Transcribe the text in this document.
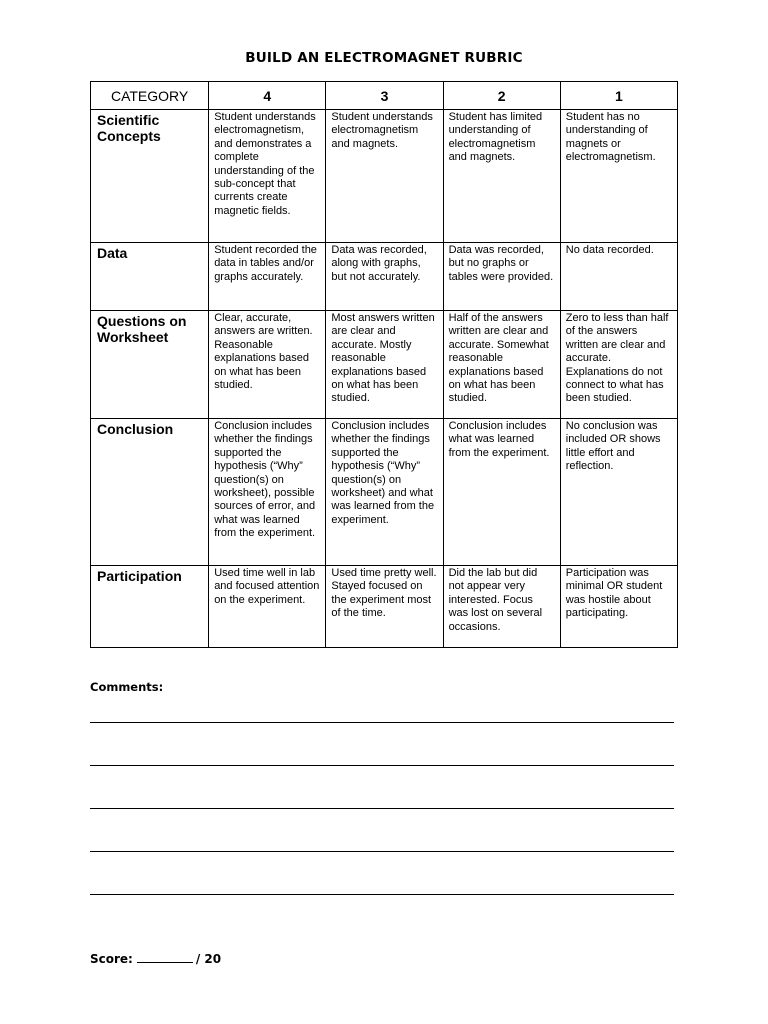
BUILD AN ELECTROMAGNET RUBRIC
CATEGORY	4	3	2	1
Scientific Concepts	Student understands electromagnetism, and demonstrates a complete understanding of the sub-concept that currents create magnetic fields.	Student understands electromagnetism and magnets.	Student has limited understanding of electromagnetism and magnets.	Student has no understanding of magnets or electromagnetism.
Data	Student recorded the data in tables and/or graphs accurately.	Data was recorded, along with graphs, but not accurately.	Data was recorded, but no graphs or tables were provided.	No data recorded.
Questions on Worksheet	Clear, accurate, answers are written. Reasonable explanations based on what has been studied.	Most answers written are clear and accurate. Mostly reasonable explanations based on what has been studied.	Half of the answers written are clear and accurate. Somewhat reasonable explanations based on what has been studied.	Zero to less than half of the answers written are clear and accurate. Explanations do not connect to what has been studied.
Conclusion	Conclusion includes whether the findings supported the hypothesis (“Why” question(s) on worksheet), possible sources of error, and what was learned from the experiment.	Conclusion includes whether the findings supported the hypothesis (“Why” question(s) on worksheet) and what was learned from the experiment.	Conclusion includes what was learned from the experiment.	No conclusion was included OR shows little effort and reflection.
Participation	Used time well in lab and focused attention on the experiment.	Used time pretty well. Stayed focused on the experiment most of the time.	Did the lab but did not appear very interested. Focus was lost on several occasions.	Participation was minimal OR student was hostile about participating.
Comments:
Score:	/ 20
